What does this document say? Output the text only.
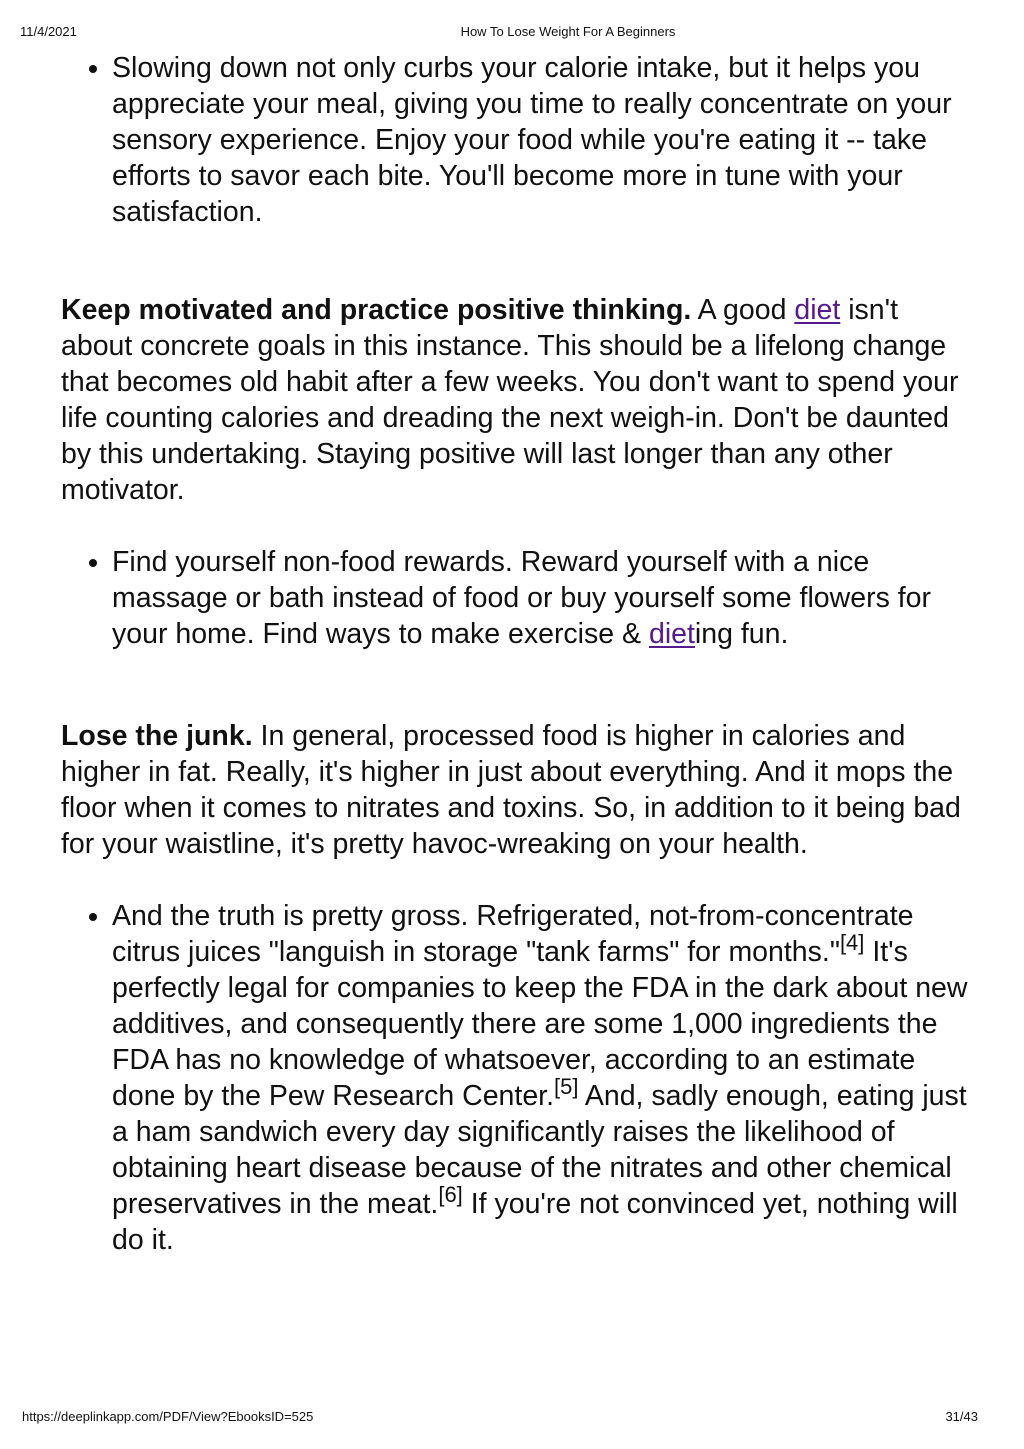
11/4/2021	How To Lose Weight For A Beginners
• Slowing down not only curbs your calorie intake, but it helps you appreciate your meal, giving you time to really concentrate on your sensory experience. Enjoy your food while you're eating it -- take efforts to savor each bite. You'll become more in tune with your satisfaction.

Keep motivated and practice positive thinking. A good diet isn't about concrete goals in this instance. This should be a lifelong change that becomes old habit after a few weeks. You don't want to spend your life counting calories and dreading the next weigh-in. Don't be daunted by this undertaking. Staying positive will last longer than any other motivator.

• Find yourself non-food rewards. Reward yourself with a nice massage or bath instead of food or buy yourself some flowers for your home. Find ways to make exercise & dieting fun.

Lose the junk. In general, processed food is higher in calories and higher in fat. Really, it's higher in just about everything. And it mops the floor when it comes to nitrates and toxins. So, in addition to it being bad for your waistline, it's pretty havoc-wreaking on your health.

• And the truth is pretty gross. Refrigerated, not-from-concentrate citrus juices "languish in storage "tank farms" for months."[4] It's perfectly legal for companies to keep the FDA in the dark about new additives, and consequently there are some 1,000 ingredients the FDA has no knowledge of whatsoever, according to an estimate done by the Pew Research Center.[5] And, sadly enough, eating just a ham sandwich every day significantly raises the likelihood of obtaining heart disease because of the nitrates and other chemical preservatives in the meat.[6] If you're not convinced yet, nothing will do it.
https://deeplinkapp.com/PDF/View?EbooksID=525	31/43
